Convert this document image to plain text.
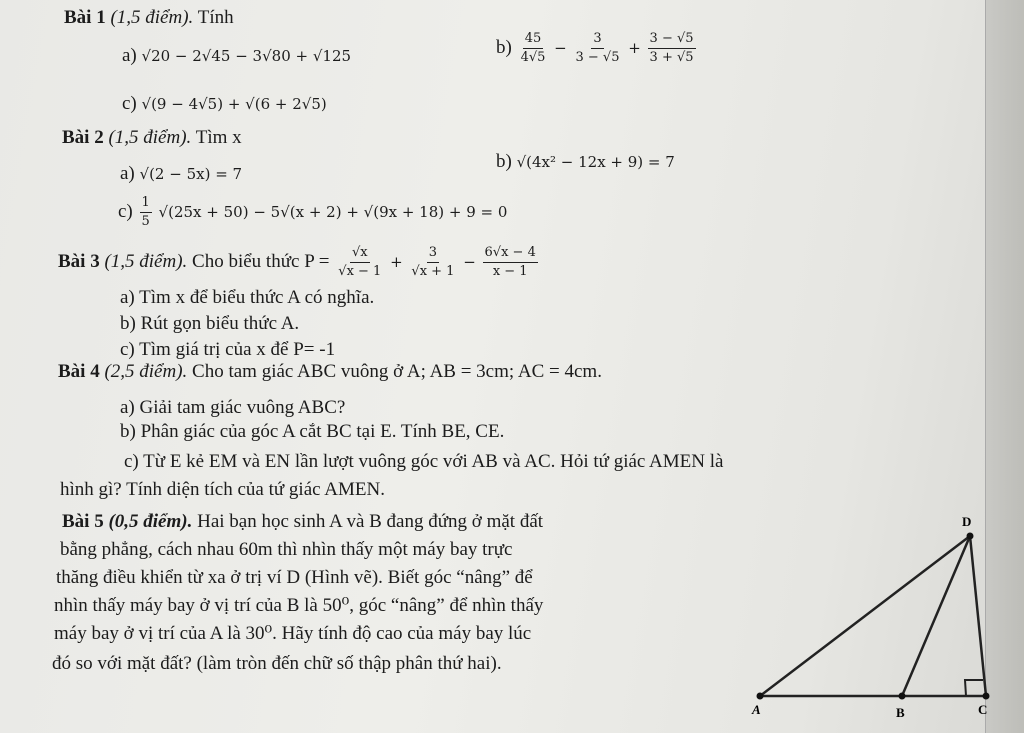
Bài 1 (1,5 điểm). Tính
a) √20 − 2√45 − 3√80 + √125	$b) \frac{45}{4√5} - \frac{3}{3 - √5} + \frac{3 - √5}{3 + √5}$
c) √(9 − 4√5) + √(6 + 2√5)
Bài 2 (1,5 điểm). Tìm x
a) √(2 − 5x) = 7
b) √(4x² − 12x + 9) = 7
$c) \frac{1}{5} √(25x + 50) - 5√(x + 2) + √(9x + 18) + 9 = 0$
Bài 3 (1,5 điểm). Cho biểu thức $P = \frac{√x}{√x - 1} + \frac{3}{√x + 1} - \frac{6√x - 4}{x - 1}$
a) Tìm x để biểu thức A có nghĩa.
b) Rút gọn biểu thức A.
c) Tìm giá trị của x để P= -1
Bài 4 (2,5 điểm). Cho tam giác ABC vuông ở A; AB = 3cm; AC = 4cm.
a) Giải tam giác vuông ABC?
b) Phân giác của góc A cắt BC tại E. Tính BE, CE.
c) Từ E kẻ EM và EN lần lượt vuông góc với AB và AC. Hỏi tứ giác AMEN là
hình gì? Tính diện tích của tứ giác AMEN.
Bài 5 (0,5 điểm). Hai bạn học sinh A và B đang đứng ở mặt đất
bằng phẳng, cách nhau 60m thì nhìn thấy một máy bay trực
thăng điều khiển từ xa ở trị ví D (Hình vẽ). Biết góc “nâng” để
nhìn thấy máy bay ở vị trí của B là 50⁰, góc “nâng” để nhìn thấy
máy bay ở vị trí của A là 30⁰. Hãy tính độ cao của máy bay lúc
đó so với mặt đất? (làm tròn đến chữ số thập phân thứ hai).
D
A	B	C
